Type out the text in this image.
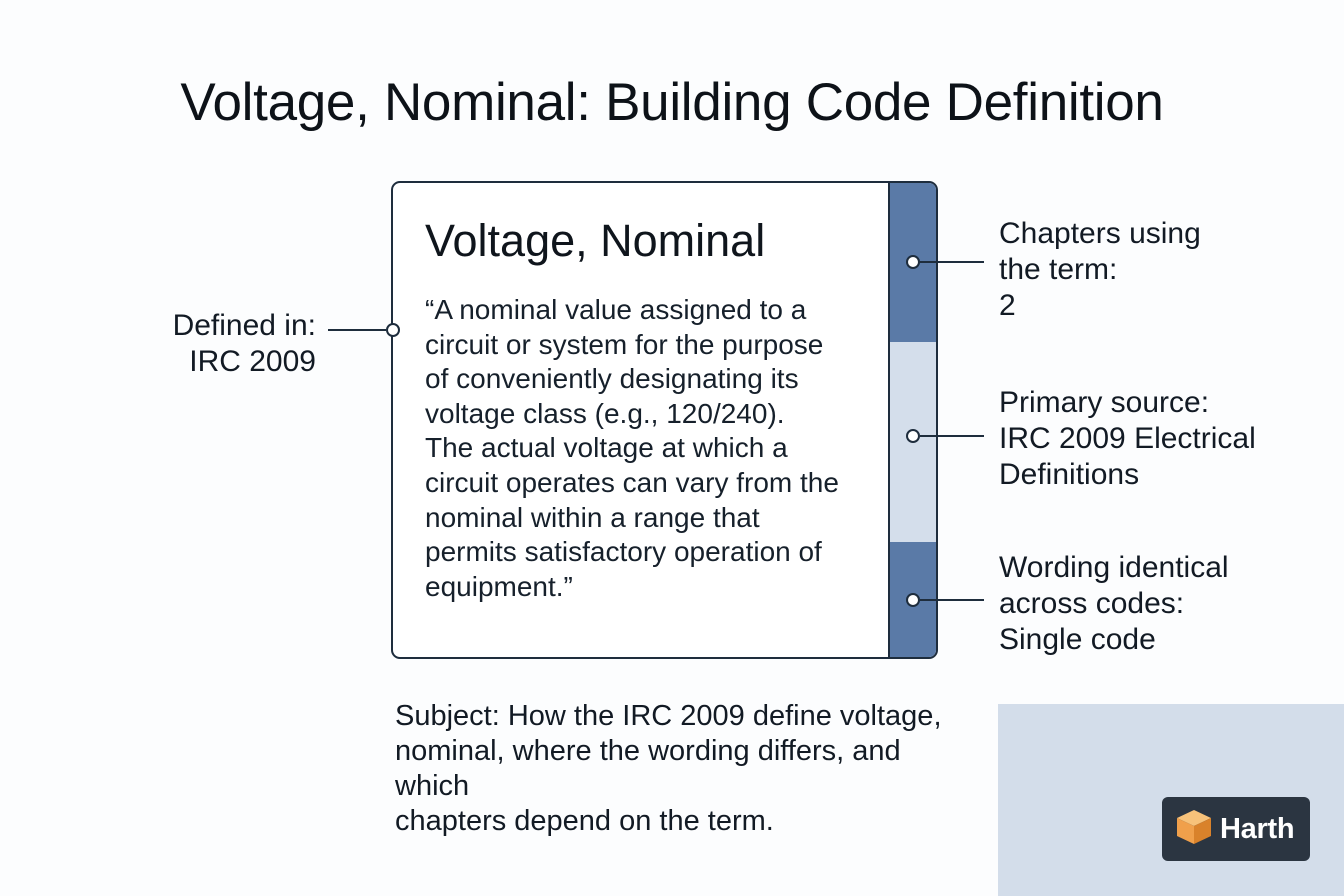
Voltage, Nominal: Building Code Definition
Voltage, Nominal
“A nominal value assigned to a
circuit or system for the purpose
of conveniently designating its
voltage class (e.g., 120/240).
The actual voltage at which a
circuit operates can vary from the
nominal within a range that
permits satisfactory operation of
equipment.”
Defined in:
IRC 2009
Chapters using
the term:
2
Primary source:
IRC 2009 Electrical
Definitions
Wording identical
across codes:
Single code
Subject: How the IRC 2009 define voltage,
nominal, where the wording differs, and which
chapters depend on the term.	Harth
